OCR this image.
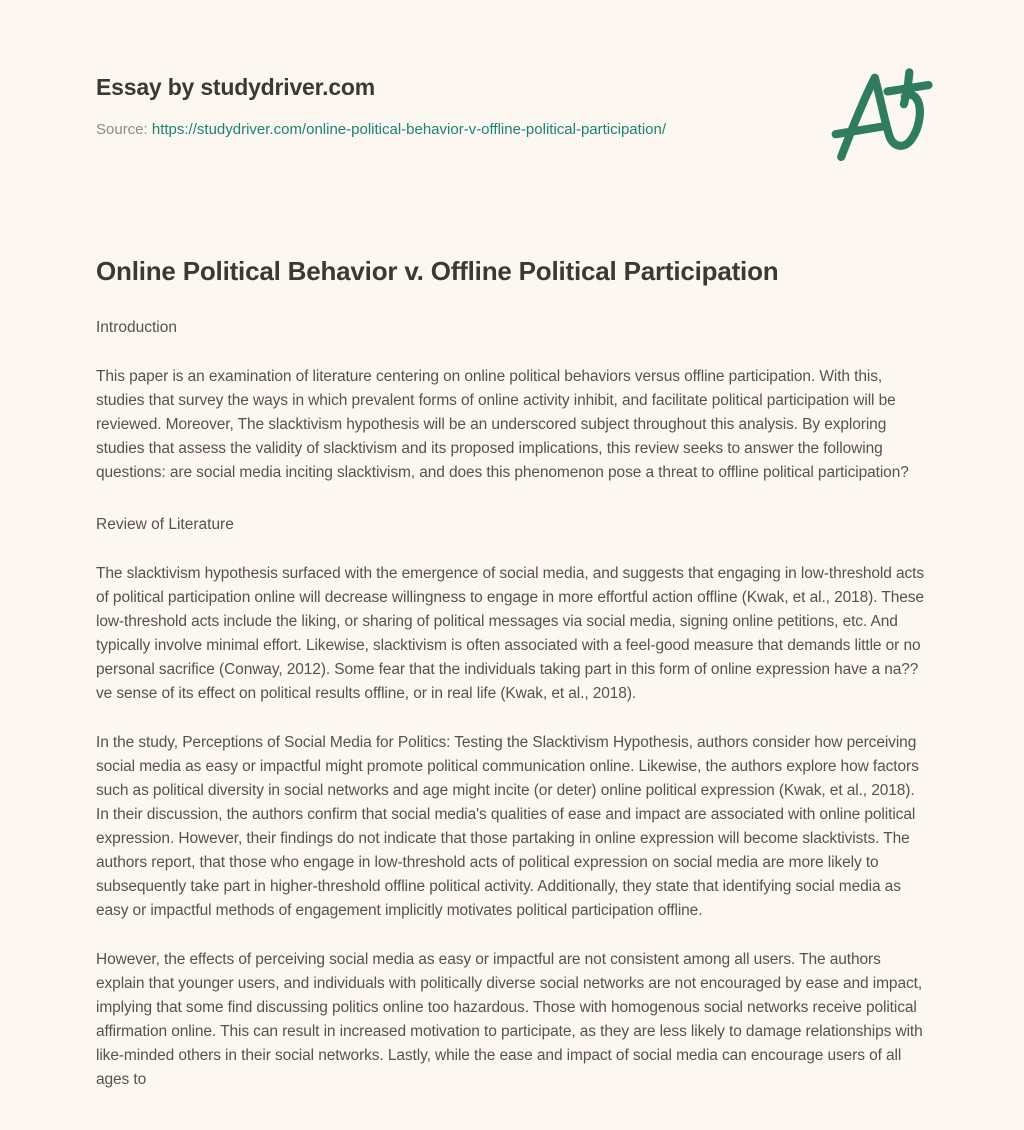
Essay by studydriver.com

Source: https://studydriver.com/online-political-behavior-v-offline-political-participation/

Online Political Behavior v. Offline Political Participation

Introduction

This paper is an examination of literature centering on online political behaviors versus offline participation. With this, studies that survey the ways in which prevalent forms of online activity inhibit, and facilitate political participation will be reviewed. Moreover, The slacktivism hypothesis will be an underscored subject throughout this analysis. By exploring studies that assess the validity of slacktivism and its proposed implications, this review seeks to answer the following questions: are social media inciting slacktivism, and does this phenomenon pose a threat to offline political participation?

Review of Literature

The slacktivism hypothesis surfaced with the emergence of social media, and suggests that engaging in low-threshold acts of political participation online will decrease willingness to engage in more effortful action offline (Kwak, et al., 2018). These low-threshold acts include the liking, or sharing of political messages via social media, signing online petitions, etc. And typically involve minimal effort. Likewise, slacktivism is often associated with a feel-good measure that demands little or no personal sacrifice (Conway, 2012). Some fear that the individuals taking part in this form of online expression have a na??ve sense of its effect on political results offline, or in real life (Kwak, et al., 2018).

In the study, Perceptions of Social Media for Politics: Testing the Slacktivism Hypothesis, authors consider how perceiving social media as easy or impactful might promote political communication online. Likewise, the authors explore how factors such as political diversity in social networks and age might incite (or deter) online political expression (Kwak, et al., 2018). In their discussion, the authors confirm that social media's qualities of ease and impact are associated with online political expression. However, their findings do not indicate that those partaking in online expression will become slacktivists. The authors report, that those who engage in low-threshold acts of political expression on social media are more likely to subsequently take part in higher-threshold offline political activity. Additionally, they state that identifying social media as easy or impactful methods of engagement implicitly motivates political participation offline.

However, the effects of perceiving social media as easy or impactful are not consistent among all users. The authors explain that younger users, and individuals with politically diverse social networks are not encouraged by ease and impact, implying that some find discussing politics online too hazardous. Those with homogenous social networks receive political affirmation online. This can result in increased motivation to participate, as they are less likely to damage relationships with like-minded others in their social networks. Lastly, while the ease and impact of social media can encourage users of all ages to
